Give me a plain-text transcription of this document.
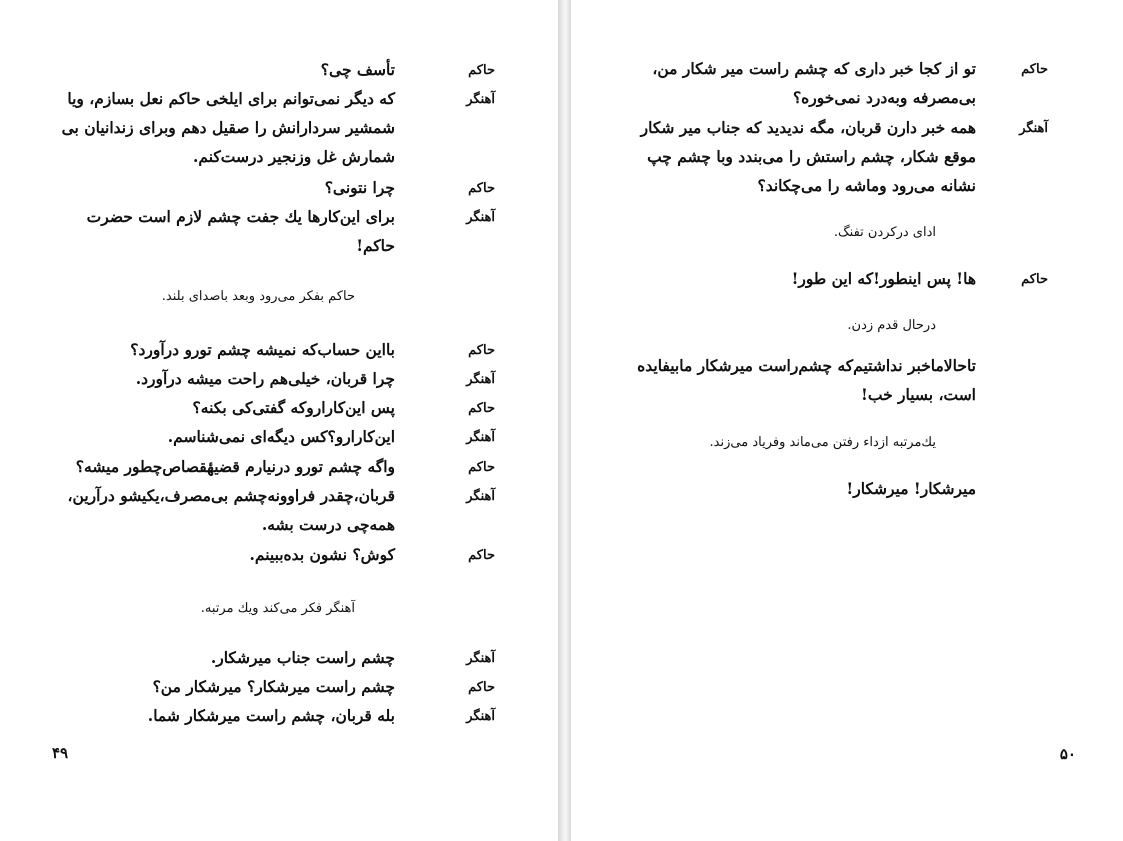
حاکم
تأسف چی؟
آهنگر
که دیگر نمی‌توانم برای ایلخی حاکم نعل بسازم، ویا
شمشیر سردارانش را صقیل دهم وبرای زندانیان بی‌
شمارش غل وزنجیر درست‌کنم.
حاکم
چرا نتونی؟
آهنگر
برای این‌کارها یك جفت چشم لازم است حضرت
حاکم!
حاکم بفکر می‌رود وبعد باصدای بلند.
حاکم
بااین حساب‌که نمیشه چشم تورو درآورد؟
آهنگر
چرا قربان، خیلی‌هم راحت میشه درآورد.
حاکم
پس این‌کارارو‌که گفتی‌کی بکنه؟
آهنگر
این‌کارارو؟‌کس دیگه‌ای نمی‌شناسم.
حاکم
واگه چشم تورو درنیارم قضیهٔقصاص‌چطور میشه؟
آهنگر
قربان،چقدر فراوونه‌چشم بی‌مصرف،یکیشو درآرین،
همه‌چی درست بشه.
حاکم
کوش؟ نشون بده‌ببینم.
آهنگر فکر می‌کند ویك مرتبه.
آهنگر
چشم راست جناب میرشکار.
حاکم
چشم راست میرشکار؟ میرشکار من؟
آهنگر
بله قربان، چشم راست میرشکار شما.
۴۹
حاکم
تو از کجا خبر داری که چشم راست میر شکار من،
بی‌مصرفه وبه‌درد نمی‌خوره؟
آهنگر
همه خبر دارن قربان، مگه ندیدید که جناب میر شکار
موقع شکار، چشم راستش را می‌بندد وبا چشم چپ
نشانه می‌رود وماشه را می‌چکاند؟
ادای درکردن تفنگ.
حاکم
ها! پس اینطور!که این طور!
درحال قدم زدن.
تاحالاماخبر نداشتیم‌که چشم‌راست میرشکار مابیفایده
است، بسیار خب!
یك‌مرتبه ازداء رفتن می‌ماند وفریاد می‌زند.
میرشکار! میرشکار!
۵۰
